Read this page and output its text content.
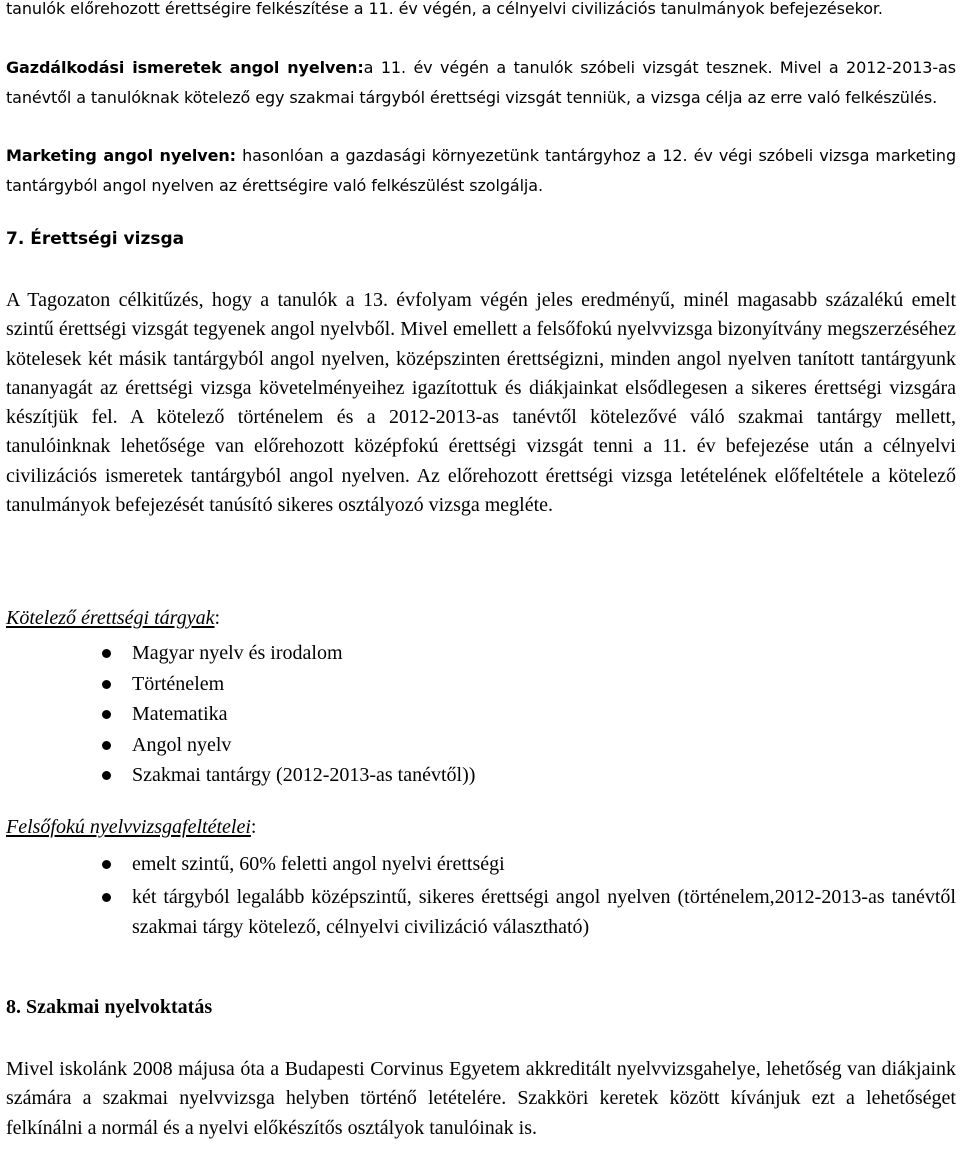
tanulók előrehozott érettségire felkészítése a 11. év végén, a célnyelvi civilizációs tanulmányok befejezésekor.

Gazdálkodási ismeretek angol nyelven:a 11. év végén a tanulók szóbeli vizsgát tesznek. Mivel a 2012-2013-as tanévtől a tanulóknak kötelező egy szakmai tárgyból érettségi vizsgát tenniük, a vizsga célja az erre való felkészülés.

Marketing angol nyelven: hasonlóan a gazdasági környezetünk tantárgyhoz a 12. év végi szóbeli vizsga marketing tantárgyból angol nyelven az érettségire való felkészülést szolgálja.

7. Érettségi vizsga

A Tagozaton célkitűzés, hogy a tanulók a 13. évfolyam végén jeles eredményű, minél magasabb százalékú emelt szintű érettségi vizsgát tegyenek angol nyelvből. Mivel emellett a felsőfokú nyelvvizsga bizonyítvány megszerzéséhez kötelesek két másik tantárgyból angol nyelven, középszinten érettségizni, minden angol nyelven tanított tantárgyunk tananyagát az érettségi vizsga követelményeihez igazítottuk és diákjainkat elsődlegesen a sikeres érettségi vizsgára készítjük fel. A kötelező történelem és a 2012-2013-as tanévtől kötelezővé váló szakmai tantárgy mellett, tanulóinknak lehetősége van előrehozott középfokú érettségi vizsgát tenni a 11. év befejezése után a célnyelvi civilizációs ismeretek tantárgyból angol nyelven. Az előrehozott érettségi vizsga letételének előfeltétele a kötelező tanulmányok befejezését tanúsító sikeres osztályozó vizsga megléte.

Kötelező érettségi tárgyak:

Magyar nyelv és irodalom
Történelem
Matematika
Angol nyelv
Szakmai tantárgy (2012-2013-as tanévtől))

Felsőfokú nyelvvizsgafeltételei:

emelt szintű, 60% feletti angol nyelvi érettségi
két tárgyból legalább középszintű, sikeres érettségi angol nyelven (történelem,2012-2013-as tanévtől szakmai tárgy kötelező, célnyelvi civilizáció választható)
8. Szakmai nyelvoktatás

Mivel iskolánk 2008 májusa óta a Budapesti Corvinus Egyetem akkreditált nyelvvizsgahelye, lehetőség van diákjaink számára a szakmai nyelvvizsga helyben történő letételére. Szakköri keretek között kívánjuk ezt a lehetőséget felkínálni a normál és a nyelvi előkészítős osztályok tanulóinak is.
